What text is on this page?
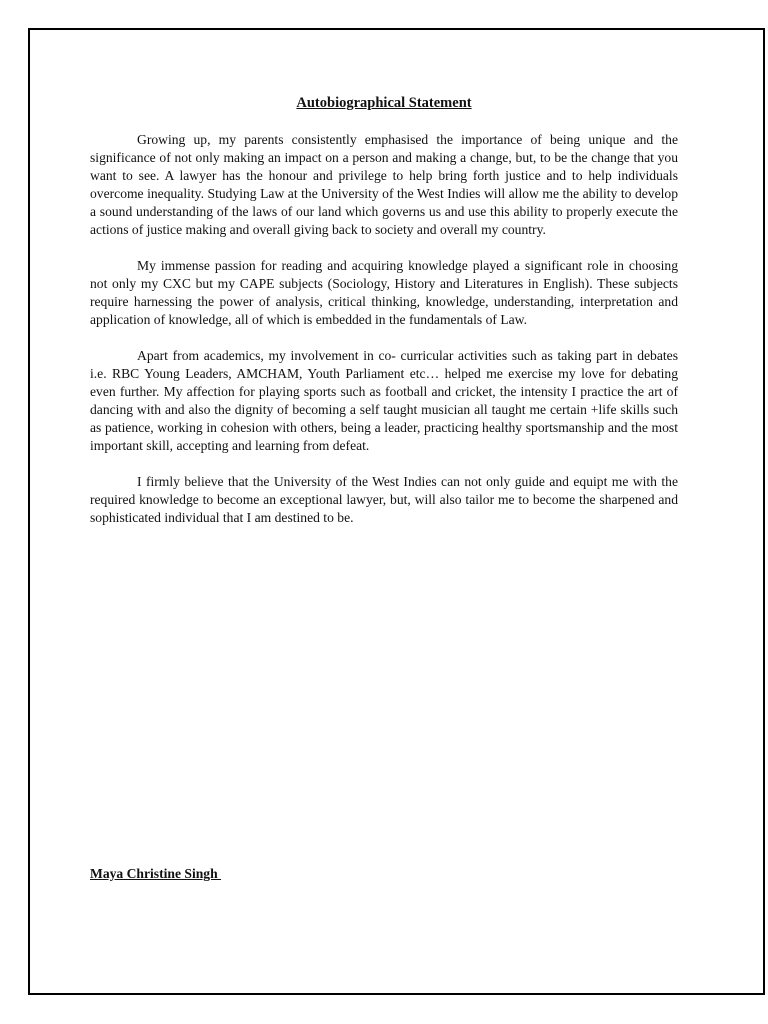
Autobiographical Statement

Growing up, my parents consistently emphasised the importance of being unique and the significance of not only making an impact on a person and making a change, but, to be the change that you want to see. A lawyer has the honour and privilege to help bring forth justice and to help individuals overcome inequality. Studying Law at the University of the West Indies will allow me the ability to develop a sound understanding of the laws of our land which governs us and use this ability to properly execute the actions of justice making and overall giving back to society and overall my country.

My immense passion for reading and acquiring knowledge played a significant role in choosing not only my CXC but my CAPE subjects (Sociology, History and Literatures in English). These subjects require harnessing the power of analysis, critical thinking, knowledge, understanding, interpretation and application of knowledge, all of which is embedded in the fundamentals of Law.

Apart from academics, my involvement in co- curricular activities such as taking part in debates i.e. RBC Young Leaders, AMCHAM, Youth Parliament etc… helped me exercise my love for debating even further. My affection for playing sports such as football and cricket, the intensity I practice the art of dancing with and also the dignity of becoming a self taught musician all taught me certain +life skills such as patience, working in cohesion with others, being a leader, practicing healthy sportsmanship and the most important skill, accepting and learning from defeat.

I firmly believe that the University of the West Indies can not only guide and equipt me with the required knowledge to become an exceptional lawyer, but, will also tailor me to become the sharpened and sophisticated individual that I am destined to be.

Maya Christine Singh
